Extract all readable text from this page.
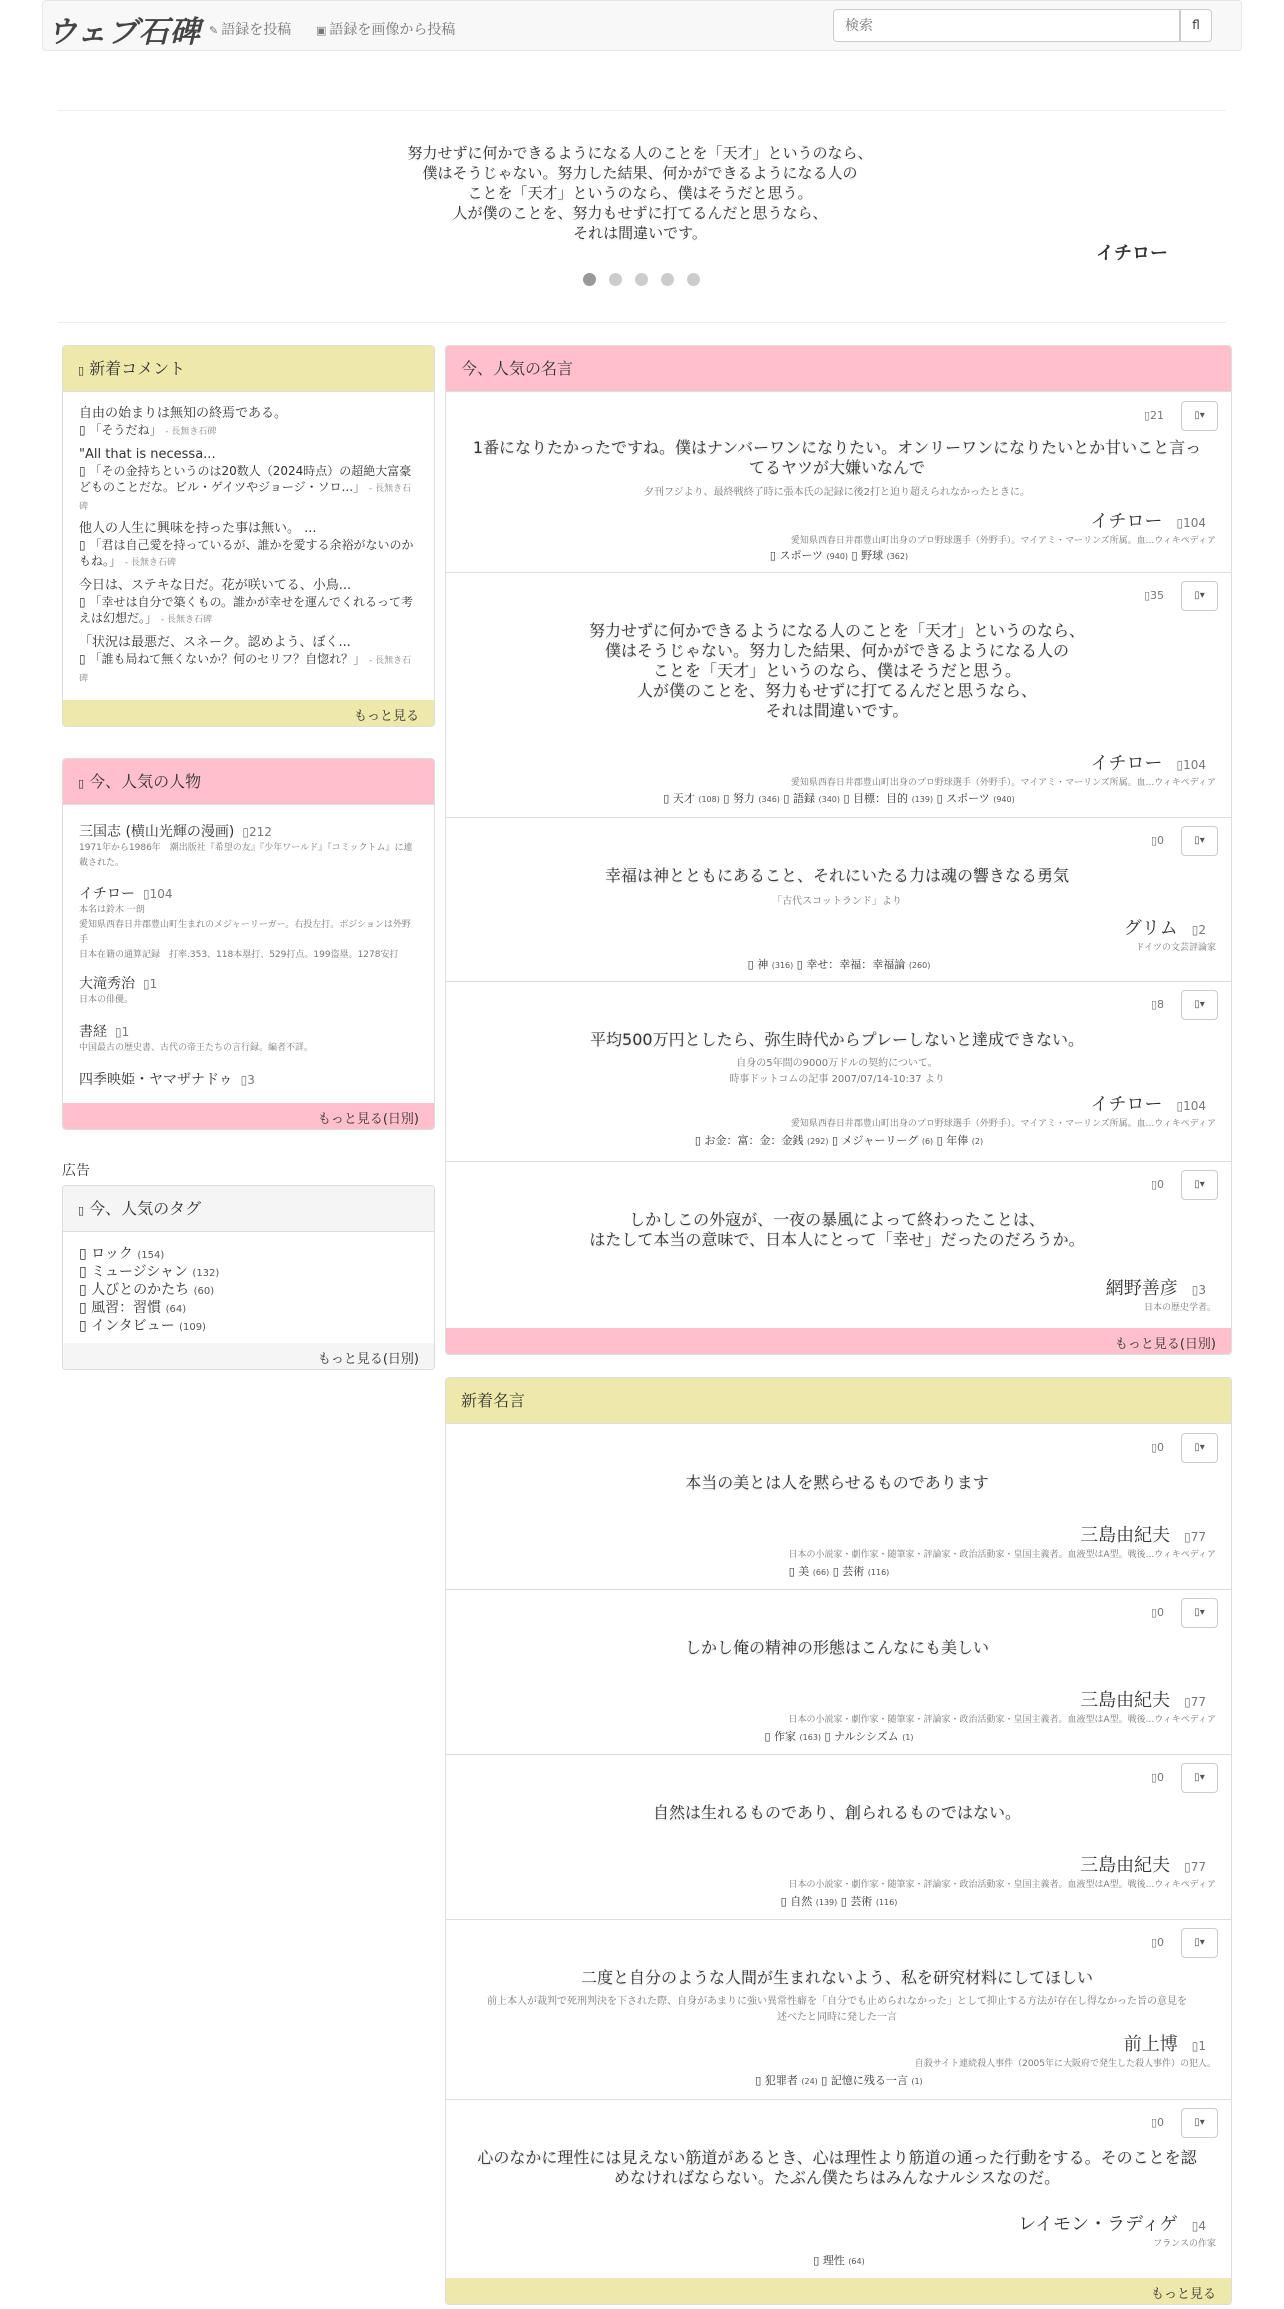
ウェブ石碑 ✎ 語録を投稿 ▣ 語録を画像から投稿
検索	fl
努力せずに何かできるようになる人のことを「天才」というのなら、
僕はそうじゃない。努力した結果、何かができるようになる人の
ことを「天才」というのなら、僕はそうだと思う。
人が僕のことを、努力もせずに打てるんだと思うなら、
それは間違いです。
イチロー
▯ 新着コメント
自由の始まりは無知の終焉である。
▯ 「そうだね」 - 長無き石碑
"All that is necessa...
▯ 「その金持ちというのは20数人（2024時点）の超絶大富豪どものことだな。ビル・ゲイツやジョージ・ソロ...」 - 長無き石碑
他人の人生に興味を持った事は無い。 ...
▯ 「君は自己愛を持っているが、誰かを愛する余裕がないのかもね。」 - 長無き石碑
今日は、ステキな日だ。花が咲いてる、小鳥...
▯ 「幸せは自分で築くもの。誰かが幸せを運んでくれるって考えは幻想だ。」 - 長無き石碑
「状況は最悪だ、スネーク。認めよう、ぼく...
▯ 「誰も局ねて無くないか？何のセリフ？自惚れ？」 - 長無き石碑
もっと見る
▯ 今、人気の人物
三国志 (横山光輝の漫画) ▯212
1971年から1986年　潮出版社『希望の友』『少年ワールド』『コミックトム』に連載された。
イチロー ▯104
本名は鈴木 一朗
愛知県西春日井郡豊山町生まれのメジャーリーガー。右投左打。ポジションは外野手
日本在籍の通算記録　打率.353、118本塁打、529打点。199盗塁。1278安打
大滝秀治 ▯1
日本の俳優。
書経 ▯1
中国最古の歴史書、古代の帝王たちの言行録。編者不詳。
四季映姫・ヤマザナドゥ ▯3
もっと見る(日別)
広告
▯ 今、人気のタグ
▯ ロック (154)
▯ ミュージシャン (132)
▯ 人びとのかたち (60)
▯ 風習：習慣 (64)
▯ インタビュー (109)
もっと見る(日別)
今、人気の名言
▯21	▯▾
1番になりたかったですね。僕はナンバーワンになりたい。オンリーワンになりたいとか甘いこと言っ
てるヤツが大嫌いなんで
夕刊フジより、最終戦終了時に張本氏の記録に後2打と迫り超えられなかったときに。
イチロー ▯104
愛知県西春日井郡豊山町出身のプロ野球選手（外野手）。マイアミ・マーリンズ所属。血...ウィキペディア
▯ スポーツ (940) ▯ 野球 (362)
▯35	▯▾
努力せずに何かできるようになる人のことを「天才」というのなら、
僕はそうじゃない。努力した結果、何かができるようになる人の
ことを「天才」というのなら、僕はそうだと思う。
人が僕のことを、努力もせずに打てるんだと思うなら、
それは間違いです。
イチロー ▯104
愛知県西春日井郡豊山町出身のプロ野球選手（外野手）。マイアミ・マーリンズ所属。血...ウィキペディア
▯ 天才 (108) ▯ 努力 (346) ▯ 語録 (340) ▯ 目標：目的 (139) ▯ スポーツ (940)
▯0	▯▾
幸福は神とともにあること、それにいたる力は魂の響きなる勇気
「古代スコットランド」より
グリム ▯2
ドイツの文芸評論家
▯ 神 (316) ▯ 幸せ：幸福：幸福論 (260)
▯8	▯▾
平均500万円としたら、弥生時代からプレーしないと達成できない。
自身の5年間の9000万ドルの契約について。
時事ドットコムの記事 2007/07/14-10:37 より
イチロー ▯104
愛知県西春日井郡豊山町出身のプロ野球選手（外野手）。マイアミ・マーリンズ所属。血...ウィキペディア
▯ お金：富：金：金銭 (292) ▯ メジャーリーグ (6) ▯ 年俸 (2)
▯0	▯▾
しかしこの外寇が、一夜の暴風によって終わったことは、
はたして本当の意味で、日本人にとって「幸せ」だったのだろうか。
網野善彦 ▯3
日本の歴史学者。
もっと見る(日別)
新着名言
▯0	▯▾
本当の美とは人を黙らせるものであります
三島由紀夫 ▯77
日本の小説家・劇作家・随筆家・評論家・政治活動家・皇国主義者。血液型はA型。戦後...ウィキペディア
▯ 美 (66) ▯ 芸術 (116)
▯0	▯▾
しかし俺の精神の形態はこんなにも美しい
三島由紀夫 ▯77
日本の小説家・劇作家・随筆家・評論家・政治活動家・皇国主義者。血液型はA型。戦後...ウィキペディア
▯ 作家 (163) ▯ ナルシシズム (1)
▯0	▯▾
自然は生れるものであり、創られるものではない。
三島由紀夫 ▯77
日本の小説家・劇作家・随筆家・評論家・政治活動家・皇国主義者。血液型はA型。戦後...ウィキペディア
▯ 自然 (139) ▯ 芸術 (116)
▯0	▯▾
二度と自分のような人間が生まれないよう、私を研究材料にしてほしい
前上本人が裁判で死刑判決を下された際、自身があまりに強い異常性癖を「自分でも止められなかった」として抑止する方法が存在し得なかった旨の意見を
述べたと同時に発した一言
前上博 ▯1
自殺サイト連続殺人事件（2005年に大阪府で発生した殺人事件）の犯人。
▯ 犯罪者 (24) ▯ 記憶に残る一言 (1)
▯0	▯▾
心のなかに理性には見えない筋道があるとき、心は理性より筋道の通った行動をする。そのことを認
めなければならない。たぶん僕たちはみんなナルシスなのだ。
レイモン・ラディゲ ▯4
フランスの作家
▯ 理性 (64)
もっと見る
